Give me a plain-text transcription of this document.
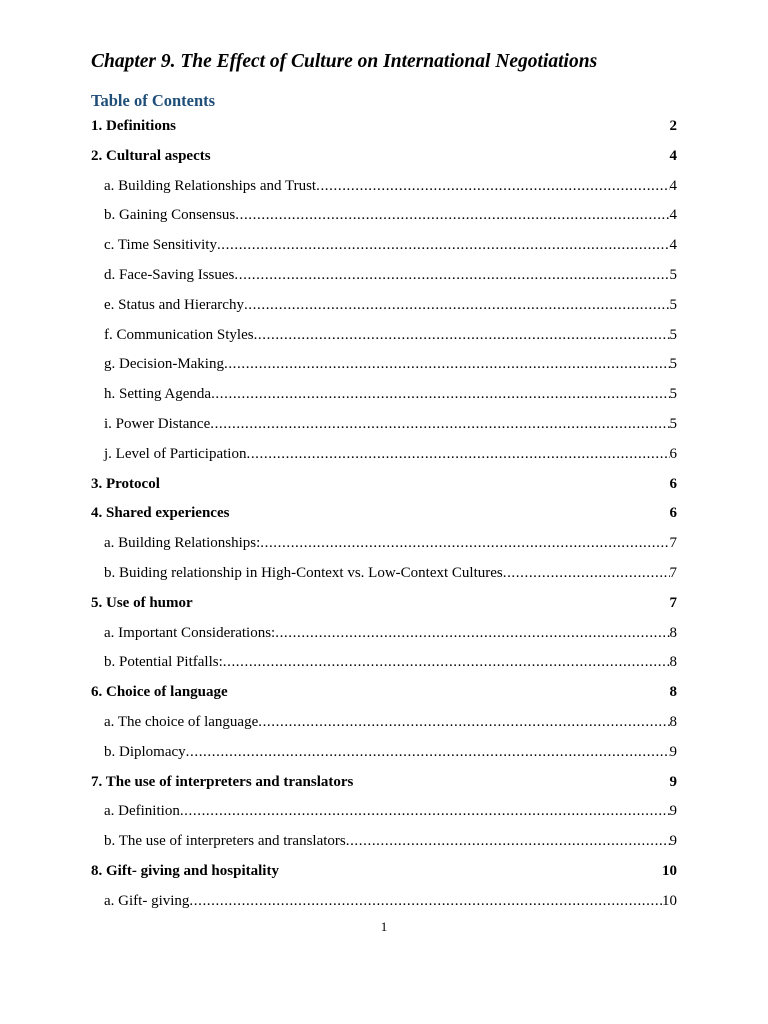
Chapter 9. The Effect of Culture on International Negotiations
Table of Contents
1. Definitions	2
2. Cultural aspects	4
a. Building Relationships and Trust .....	4
b. Gaining Consensus .....	4
c. Time Sensitivity .....	4
d. Face-Saving Issues .....	5
e. Status and Hierarchy .....	5
f. Communication Styles .....	5
g. Decision-Making .....	5
h. Setting Agenda .....	5
i. Power Distance .....	5
j. Level of Participation .....	6
3. Protocol	6
4. Shared experiences	6
a. Building Relationships: .....	7
b. Buiding relationship in High-Context vs. Low-Context Cultures .....	7
5. Use of humor	7
a. Important Considerations: .....	8
b. Potential Pitfalls: .....	8
6. Choice of language	8
a. The choice of language .....	8
b. Diplomacy .....	9
7. The use of interpreters and translators	9
a. Definition .....	9
b. The use of interpreters and translators .....	9
8. Gift- giving and hospitality	10
a. Gift- giving .....	10
1
